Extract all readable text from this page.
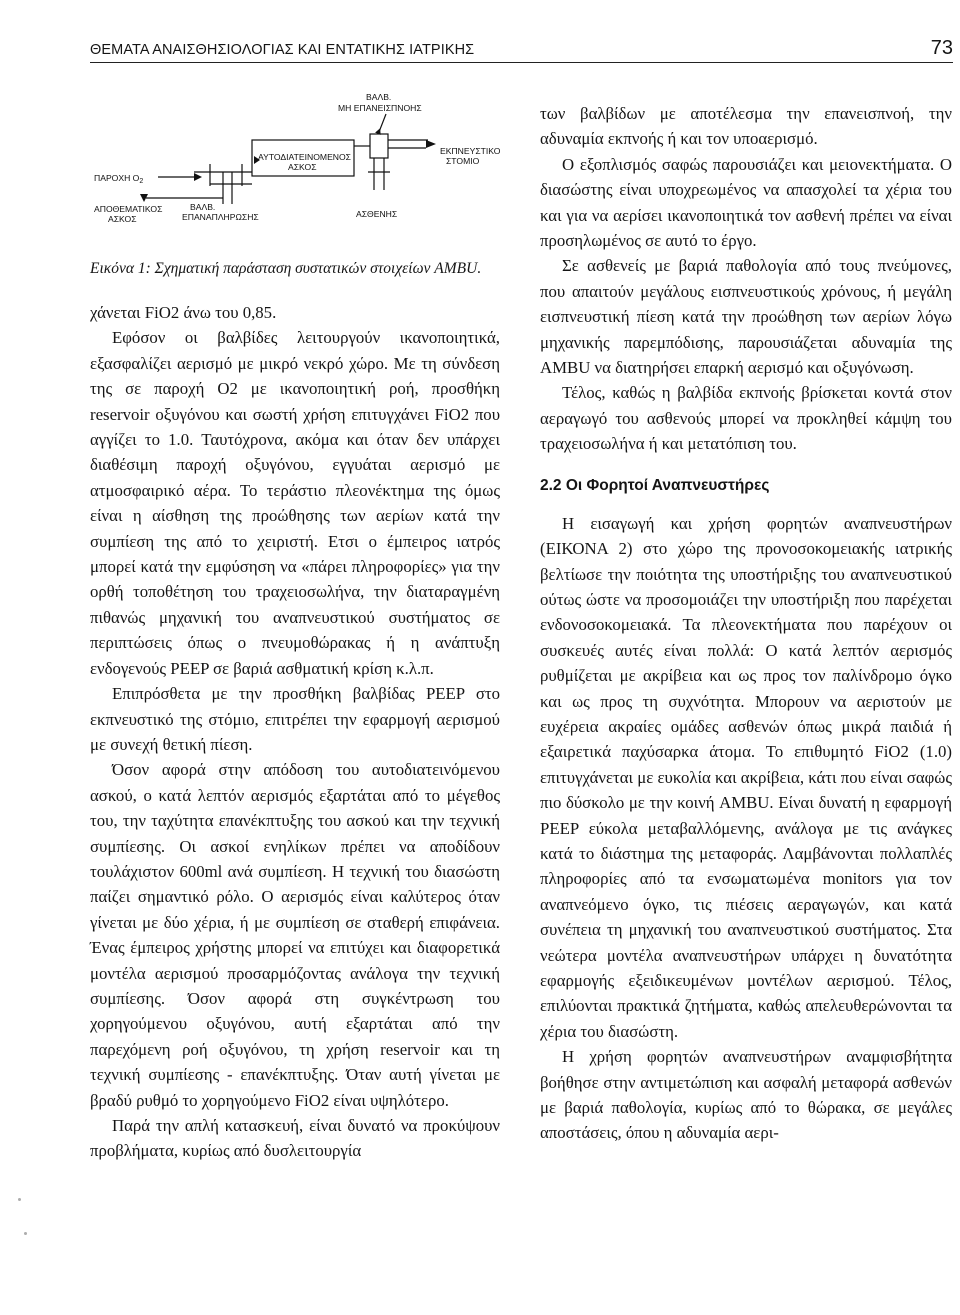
ΘΕΜΑΤΑ ΑΝΑΙΣΘΗΣΙΟΛΟΓΙΑΣ ΚΑΙ ΕΝΤΑΤΙΚΗΣ ΙΑΤΡΙΚΗΣ	73
ΒΑΛΒ.
ΜΗ ΕΠΑΝΕΙΣΠΝΟΗΣ
ΑΥΤΟΔΙΑΤΕΙΝΟΜΕΝΟΣ
ΑΣΚΟΣ
ΕΚΠΝΕΥΣΤΙΚΟ
ΣΤΟΜΙΟ
ΠΑΡΟΧΗ $O_2$
ΑΠΟΘΕΜΑΤΙΚΟΣ
ΑΣΚΟΣ
ΒΑΛΒ.
ΕΠΑΝΑΠΛΗΡΩΣΗΣ	ΑΣΘΕΝΗΣ
Εικόνα 1: Σχηματική παράσταση συστατικών στοιχείων AMBU.

χάνεται FiO2 άνω του 0,85.

Εφόσον οι βαλβίδες λειτουργούν ικανοποιητικά, εξασφαλίζει αερισμό με μικρό νεκρό χώρο. Με τη σύνδεση της σε παροχή O2 με ικανοποιητική ροή, προσθήκη reservoir οξυγόνου και σωστή χρήση επιτυγχάνει FiO2 που αγγίζει το 1.0. Ταυτόχρονα, ακόμα και όταν δεν υπάρχει διαθέσιμη παροχή οξυγόνου, εγγυάται αερισμό με ατμοσφαιρικό αέρα. Το τεράστιο πλεονέκτημα της όμως είναι η αίσθηση της προώθησης των αερίων κατά την συμπίεση της από το χειριστή. Ετσι ο έμπειρος ιατρός μπορεί κατά την εμφύσηση να «πάρει πληροφορίες» για την ορθή τοποθέτηση του τραχειοσωλήνα, την διαταραγμένη πιθανώς μηχανική του αναπνευστικού συστήματος σε περιπτώσεις όπως ο πνευμοθώρακας ή η ανάπτυξη ενδογενούς PEEP σε βαριά ασθματική κρίση κ.λ.π.

Επιπρόσθετα με την προσθήκη βαλβίδας PEEP στο εκπνευστικό της στόμιο, επιτρέπει την εφαρμογή αερισμού με συνεχή θετική πίεση.

Όσον αφορά στην απόδοση του αυτοδιατεινόμενου ασκού, ο κατά λεπτόν αερισμός εξαρτάται από το μέγεθος του, την ταχύτητα επανέκπτυξης του ασκού και την τεχνική συμπίεσης. Οι ασκοί ενηλίκων πρέπει να αποδίδουν τουλάχιστον 600ml ανά συμπίεση. Η τεχνική του διασώστη παίζει σημαντικό ρόλο. Ο αερισμός είναι καλύτερος όταν γίνεται με δύο χέρια, ή με συμπίεση σε σταθερή επιφάνεια. Ένας έμπειρος χρήστης μπορεί να επιτύχει και διαφορετικά μοντέλα αερισμού προσαρμόζοντας ανάλογα την τεχνική συμπίεσης. Όσον αφορά στη συγκέντρωση του χορηγούμενου οξυγόνου, αυτή εξαρτάται από την παρεχόμενη ροή οξυγόνου, τη χρήση reservoir και τη τεχνική συμπίεσης - επανέκπτυξης. Όταν αυτή γίνεται με βραδύ ρυθμό το χορηγούμενο FiO2 είναι υψηλότερο.

Παρά την απλή κατασκευή, είναι δυνατό να προκύψουν προβλήματα, κυρίως από δυσλειτουργία

των βαλβίδων με αποτέλεσμα την επανεισπνοή, την αδυναμία εκπνοής ή και τον υποαερισμό.

Ο εξοπλισμός σαφώς παρουσιάζει και μειονεκτήματα. Ο διασώστης είναι υποχρεωμένος να απασχολεί τα χέρια του και για να αερίσει ικανοποιητικά τον ασθενή πρέπει να είναι προσηλωμένος σε αυτό το έργο.

Σε ασθενείς με βαριά παθολογία από τους πνεύμονες, που απαιτούν μεγάλους εισπνευστικούς χρόνους, ή μεγάλη εισπνευστική πίεση κατά την προώθηση των αερίων λόγω μηχανικής παρεμπόδισης, παρουσιάζεται αδυναμία της AMBU να διατηρήσει επαρκή αερισμό και οξυγόνωση.

Τέλος, καθώς η βαλβίδα εκπνοής βρίσκεται κοντά στον αεραγωγό του ασθενούς μπορεί να προκληθεί κάμψη του τραχειοσωλήνα ή και μετατόπιση του.

2.2 Οι Φορητοί Αναπνευστήρες

Η εισαγωγή και χρήση φορητών αναπνευστήρων (ΕΙΚΟΝΑ 2) στο χώρο της προνοσοκομειακής ιατρικής βελτίωσε την ποιότητα της υποστήριξης του αναπνευστικού ούτως ώστε να προσομοιάζει την υποστήριξη που παρέχεται ενδονοσοκομειακά. Τα πλεονεκτήματα που παρέχουν οι συσκευές αυτές είναι πολλά: Ο κατά λεπτόν αερισμός ρυθμίζεται με ακρίβεια και ως προς τον παλίνδρομο όγκο και ως προς τη συχνότητα. Μπορουν να αεριστούν με ευχέρεια ακραίες ομάδες ασθενών όπως μικρά παιδιά ή εξαιρετικά παχύσαρκα άτομα. Το επιθυμητό FiO2 (1.0) επιτυγχάνεται με ευκολία και ακρίβεια, κάτι που είναι σαφώς πιο δύσκολο με την κοινή AMBU. Είναι δυνατή η εφαρμογή PEEP εύκολα μεταβαλλόμενης, ανάλογα με τις ανάγκες κατά το διάστημα της μεταφοράς. Λαμβάνονται πολλαπλές πληροφορίες από τα ενσωματωμένα monitors για τον αναπνεόμενο όγκο, τις πιέσεις αεραγωγών, και κατά συνέπεια τη μηχανική του αναπνευστικού συστήματος. Στα νεώτερα μοντέλα αναπνευστήρων υπάρχει η δυνατότητα εφαρμογής εξειδικευμένων μοντέλων αερισμού. Τέλος, επιλύονται πρακτικά ζητήματα, καθώς απελευθερώνονται τα χέρια του διασώστη.

Η χρήση φορητών αναπνευστήρων αναμφισβήτητα βοήθησε στην αντιμετώπιση και ασφαλή μεταφορά ασθενών με βαριά παθολογία, κυρίως από το θώρακα, σε μεγάλες αποστάσεις, όπου η αδυναμία αερι-
